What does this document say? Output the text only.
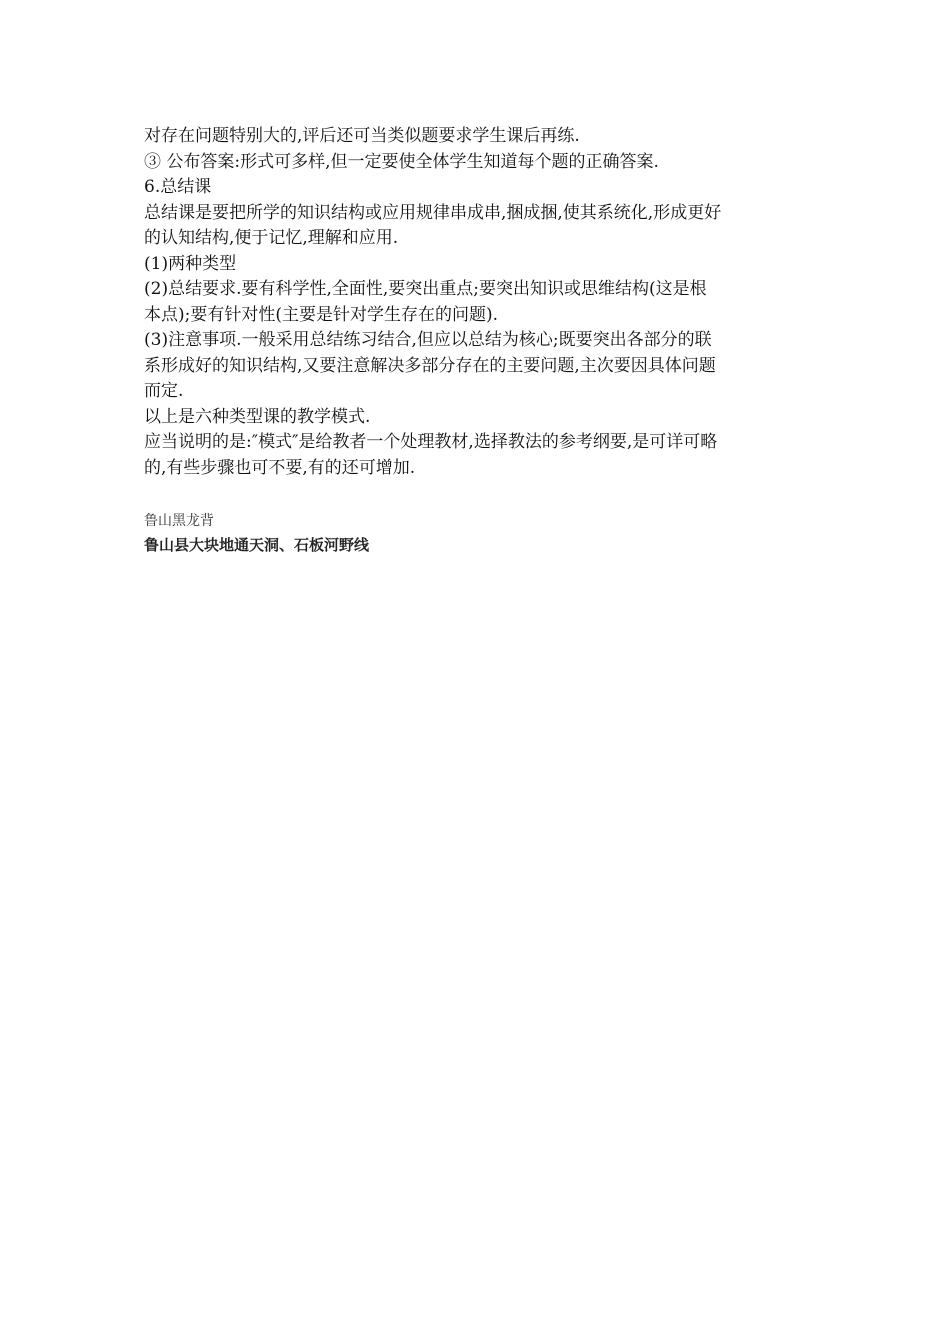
对存在问题特别大的,评后还可当类似题要求学生课后再练.
③ 公布答案:形式可多样,但一定要使全体学生知道每个题的正确答案.
6.总结课
总结课是要把所学的知识结构或应用规律串成串,捆成捆,使其系统化,形成更好
的认知结构,便于记忆,理解和应用.
(1)两种类型
(2)总结要求.要有科学性,全面性,要突出重点;要突出知识或思维结构(这是根
本点);要有针对性(主要是针对学生存在的问题).
(3)注意事项.一般采用总结练习结合,但应以总结为核心;既要突出各部分的联
系形成好的知识结构,又要注意解决多部分存在的主要问题,主次要因具体问题
而定.
以上是六种类型课的教学模式.
应当说明的是:″模式″是给教者一个处理教材,选择教法的参考纲要,是可详可略
的,有些步骤也可不要,有的还可增加.
鲁山黑龙背
鲁山县大块地通天洞、石板河野线
